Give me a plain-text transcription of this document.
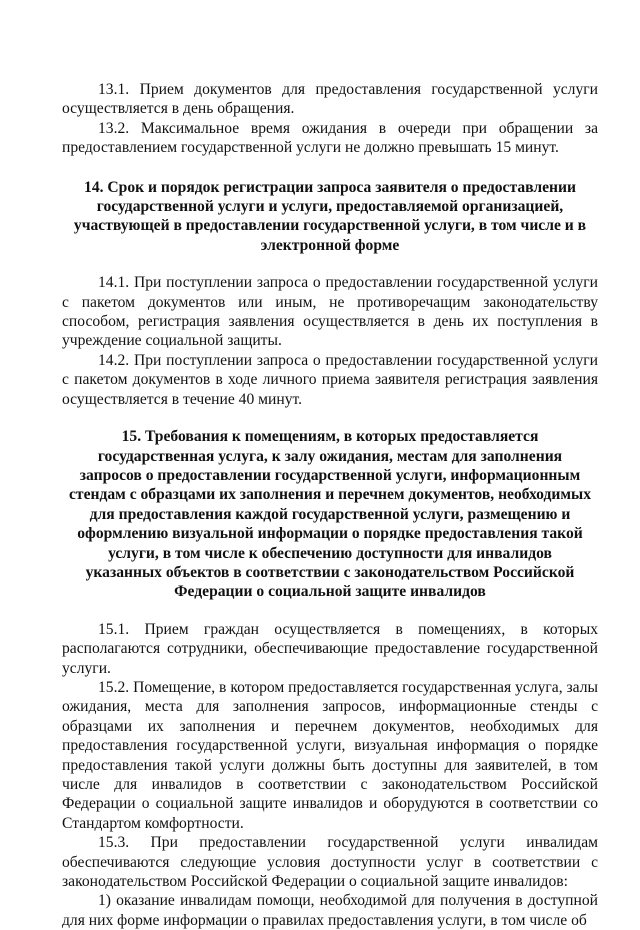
13.1. Прием документов для предоставления государственной услуги осуществляется в день обращения.

13.2. Максимальное время ожидания в очереди при обращении за предоставлением государственной услуги не должно превышать 15 минут.

14. Срок и порядок регистрации запроса заявителя о предоставлении государственной услуги и услуги, предоставляемой организацией, участвующей в предоставлении государственной услуги, в том числе и в электронной форме

14.1. При поступлении запроса о предоставлении государственной услуги с пакетом документов или иным, не противоречащим законодательству способом, регистрация заявления осуществляется в день их поступления в учреждение социальной защиты.

14.2. При поступлении запроса о предоставлении государственной услуги с пакетом документов в ходе личного приема заявителя регистрация заявления осуществляется в течение 40 минут.

15. Требования к помещениям, в которых предоставляется государственная услуга, к залу ожидания, местам для заполнения запросов о предоставлении государственной услуги, информационным стендам с образцами их заполнения и перечнем документов, необходимых для предоставления каждой государственной услуги, размещению и оформлению визуальной информации о порядке предоставления такой услуги, в том числе к обеспечению доступности для инвалидов указанных объектов в соответствии с законодательством Российской Федерации о социальной защите инвалидов

15.1. Прием граждан осуществляется в помещениях, в которых располагаются сотрудники, обеспечивающие предоставление государственной услуги.

15.2. Помещение, в котором предоставляется государственная услуга, залы ожидания, места для заполнения запросов, информационные стенды с образцами их заполнения и перечнем документов, необходимых для предоставления государственной услуги, визуальная информация о порядке предоставления такой услуги должны быть доступны для заявителей, в том числе для инвалидов в соответствии с законодательством Российской Федерации о социальной защите инвалидов и оборудуются в соответствии со Стандартом комфортности.

15.3. При предоставлении государственной услуги инвалидам обеспечиваются следующие условия доступности услуг в соответствии с законодательством Российской Федерации о социальной защите инвалидов:

1) оказание инвалидам помощи, необходимой для получения в доступной для них форме информации о правилах предоставления услуги, в том числе об
